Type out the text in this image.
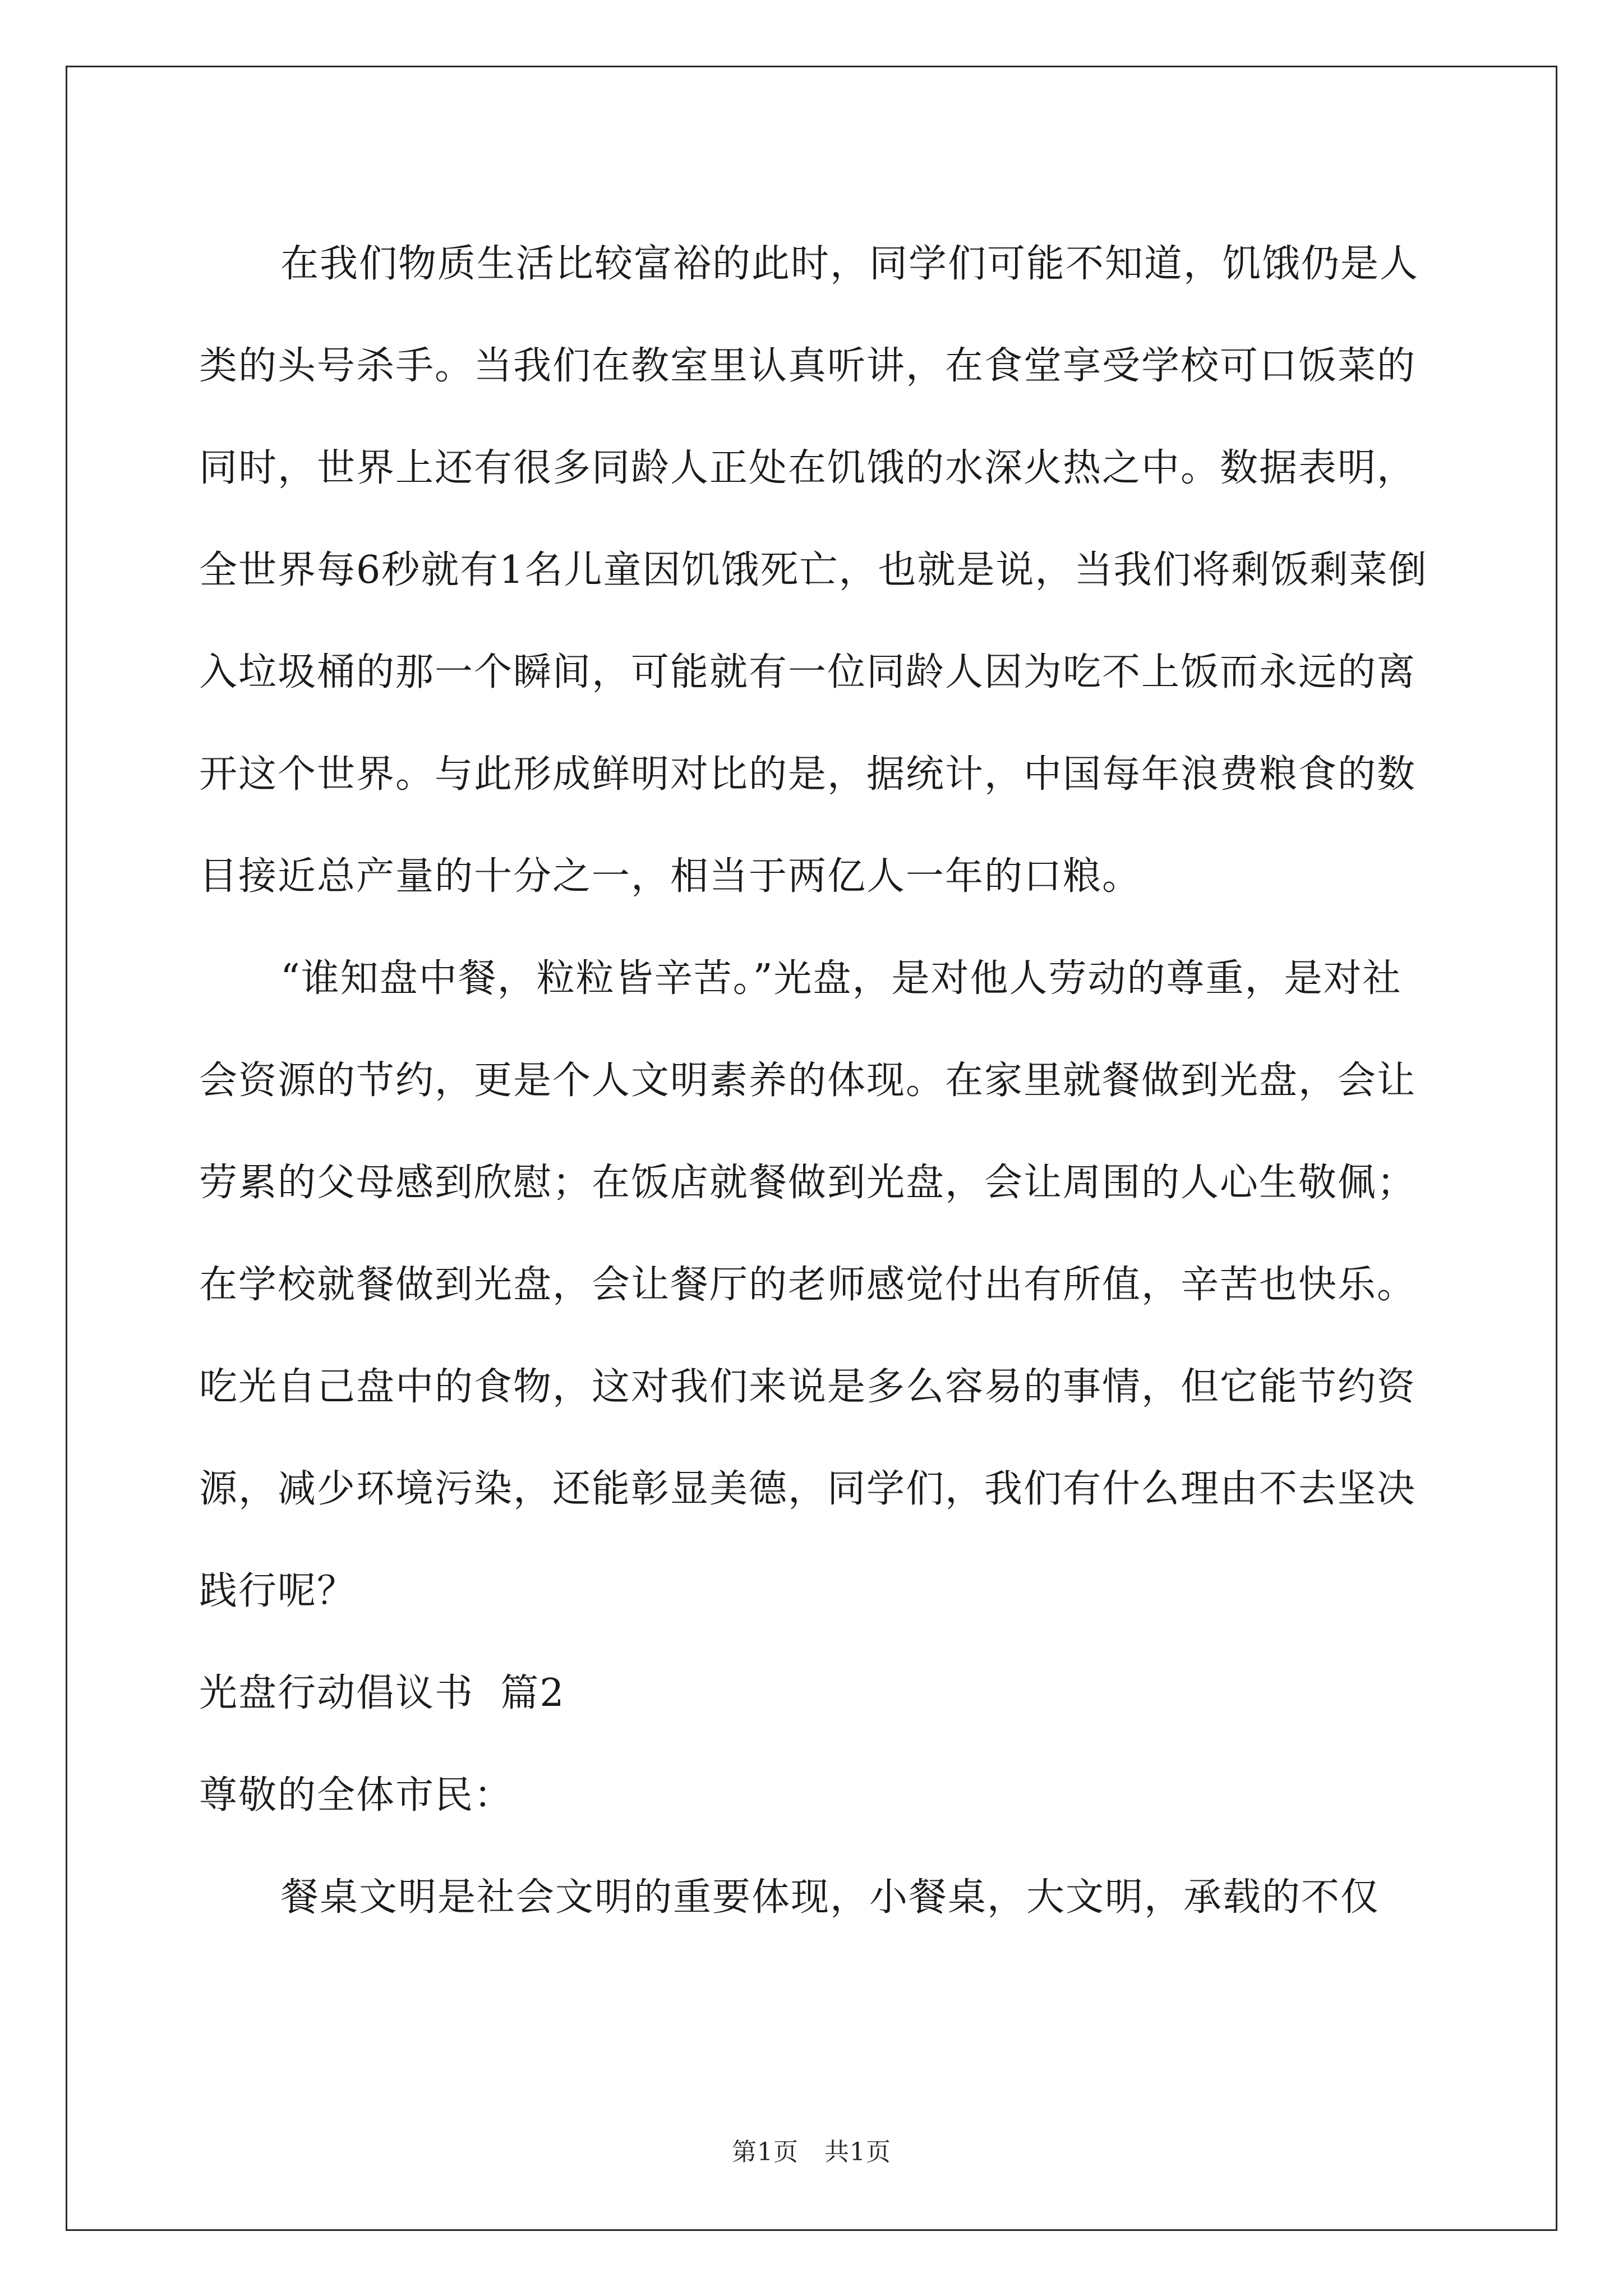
在我们物质生活比较富裕的此时，同学们可能不知道，饥饿仍是人类的头号杀手。当我们在教室里认真听讲，在食堂享受学校可口饭菜的同时，世界上还有很多同龄人正处在饥饿的水深火热之中。数据表明，全世界每6秒就有1名儿童因饥饿死亡，也就是说，当我们将剩饭剩菜倒入垃圾桶的那一个瞬间，可能就有一位同龄人因为吃不上饭而永远的离开这个世界。与此形成鲜明对比的是，据统计，中国每年浪费粮食的数目接近总产量的十分之一，相当于两亿人一年的口粮。

“谁知盘中餐，粒粒皆辛苦。”光盘，是对他人劳动的尊重，是对社会资源的节约，更是个人文明素养的体现。在家里就餐做到光盘，会让劳累的父母感到欣慰；在饭店就餐做到光盘，会让周围的人心生敬佩；在学校就餐做到光盘，会让餐厅的老师感觉付出有所值，辛苦也快乐。 吃光自己盘中的食物，这对我们来说是多么容易的事情，但它能节约资源，减少环境污染，还能彰显美德，同学们，我们有什么理由不去坚决践行呢？

光盘行动倡议书  篇2

尊敬的全体市民：

餐桌文明是社会文明的重要体现，小餐桌，大文明，承载的不仅

第1页 共1页
